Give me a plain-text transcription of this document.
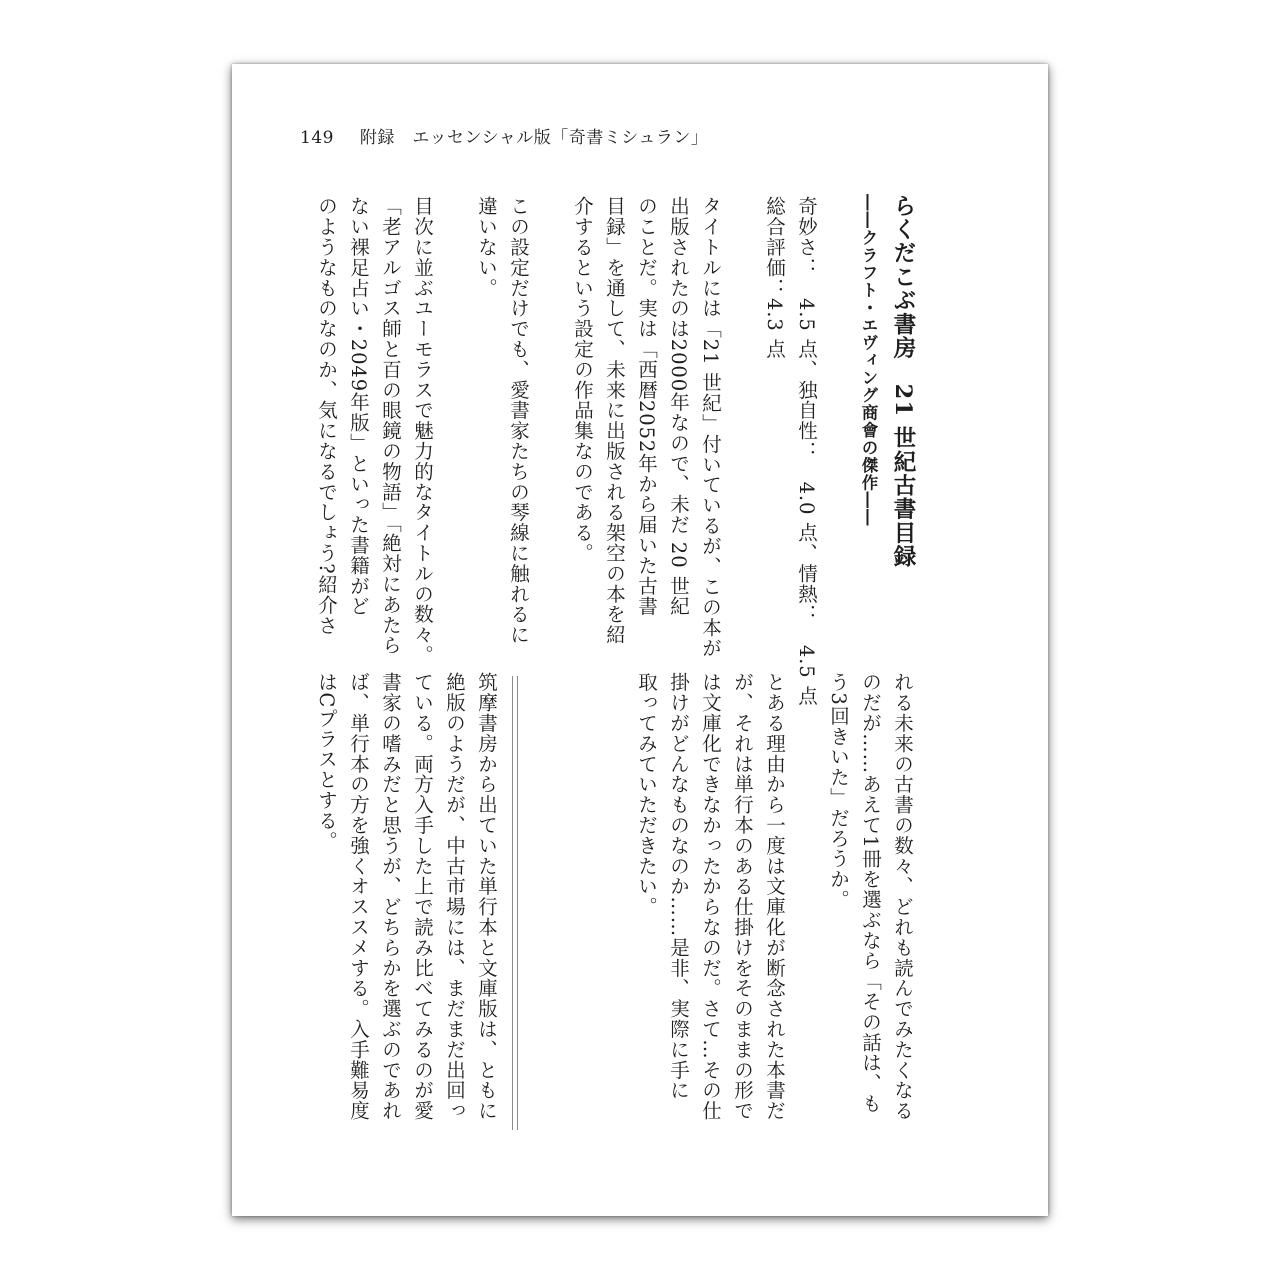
149 附録　エッセンシャル版「奇書ミシュラン」

らくだこぶ書房　21 世紀古書目録

――クラフト・エヴィング商會の傑作――

奇妙さ：　4.5 点、独自性：　4.0 点、情熱：　4.5 点

総合評価：4.3 点

タイトルには「21 世紀」付いているが、この本が

出版されたのは2000年なので、未だ 20 世紀

のことだ。実は「西暦2052年から届いた古書

目録」を通して、未来に出版される架空の本を紹

介するという設定の作品集なのである。

この設定だけでも、愛書家たちの琴線に触れるに

違いない。

目次に並ぶユーモラスで魅力的なタイトルの数々。

「老アルゴス師と百の眼鏡の物語」「絶対にあたら

ない裸足占い・2049年版」といった書籍がど

のようなものなのか、気になるでしょう?紹介さ

れる未来の古書の数々、どれも読んでみたくなる

のだが……あえて1冊を選ぶなら「その話は、も

う3回きいた」だろうか。

とある理由から一度は文庫化が断念された本書だ

が、それは単行本のある仕掛けをそのままの形で

は文庫化できなかったからなのだ。さて…その仕

掛けがどんなものなのか……是非、実際に手に

取ってみていただきたい。

筑摩書房から出ていた単行本と文庫版は、ともに

絶版のようだが、中古市場には、まだまだ出回っ

ている。両方入手した上で読み比べてみるのが愛

書家の嗜みだと思うが、どちらかを選ぶのであれ

ば、単行本の方を強くオススメする。入手難易度

はCプラスとする。
